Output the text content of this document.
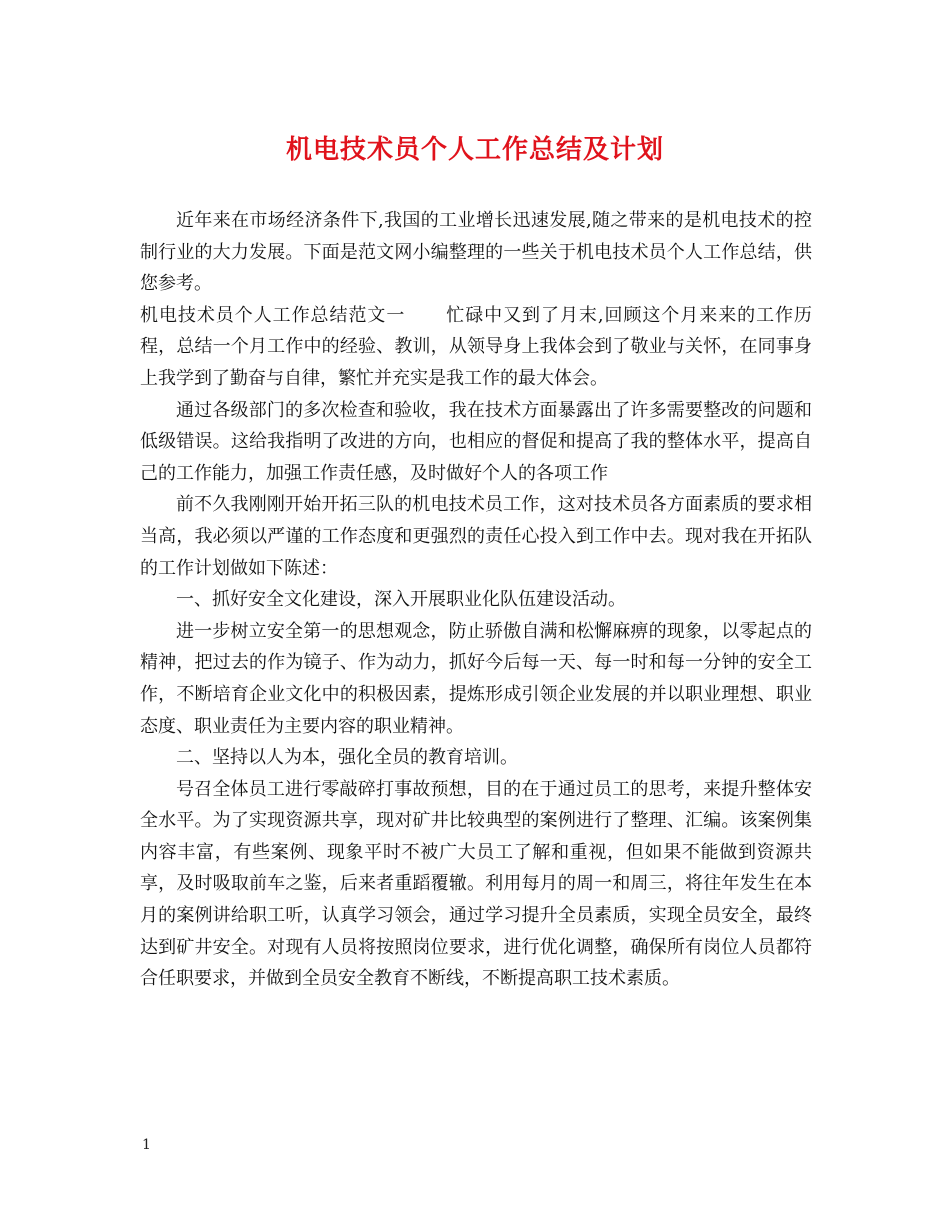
机电技术员个人工作总结及计划

近年来在市场经济条件下,我国的工业增长迅速发展,随之带来的是机电技术的控制行业的大力发展。下面是范文网小编整理的一些关于机电技术员个人工作总结，供您参考。

机电技术员个人工作总结范文一 忙碌中又到了月末,回顾这个月来来的工作历程，总结一个月工作中的经验、教训，从领导身上我体会到了敬业与关怀，在同事身上我学到了勤奋与自律，繁忙并充实是我工作的最大体会。

通过各级部门的多次检查和验收，我在技术方面暴露出了许多需要整改的问题和低级错误。这给我指明了改进的方向，也相应的督促和提高了我的整体水平，提高自己的工作能力，加强工作责任感，及时做好个人的各项工作

前不久我刚刚开始开拓三队的机电技术员工作，这对技术员各方面素质的要求相当高，我必须以严谨的工作态度和更强烈的责任心投入到工作中去。现对我在开拓队的工作计划做如下陈述：

一、抓好安全文化建设，深入开展职业化队伍建设活动。

进一步树立安全第一的思想观念，防止骄傲自满和松懈麻痹的现象，以零起点的精神，把过去的作为镜子、作为动力，抓好今后每一天、每一时和每一分钟的安全工作，不断培育企业文化中的积极因素，提炼形成引领企业发展的并以职业理想、职业态度、职业责任为主要内容的职业精神。

二、坚持以人为本，强化全员的教育培训。

号召全体员工进行零敲碎打事故预想，目的在于通过员工的思考，来提升整体安全水平。为了实现资源共享，现对矿井比较典型的案例进行了整理、汇编。该案例集内容丰富，有些案例、现象平时不被广大员工了解和重视，但如果不能做到资源共享，及时吸取前车之鉴，后来者重蹈覆辙。利用每月的周一和周三，将往年发生在本月的案例讲给职工听，认真学习领会，通过学习提升全员素质，实现全员安全，最终达到矿井安全。对现有人员将按照岗位要求，进行优化调整，确保所有岗位人员都符合任职要求，并做到全员安全教育不断线，不断提高职工技术素质。

1
